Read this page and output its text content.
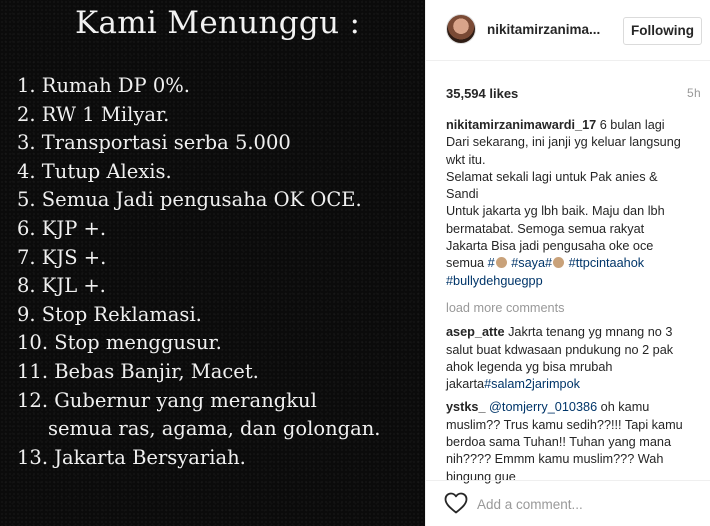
Kami Menunggu :
1. Rumah DP 0%.
2. RW 1 Milyar.
3. Transportasi serba 5.000
4. Tutup Alexis.
5. Semua Jadi pengusaha OK OCE.
6. KJP +.
7. KJS +.
8. KJL +.
9. Stop Reklamasi.
10. Stop menggusur.
11. Bebas Banjir, Macet.
12. Gubernur yang merangkul
semua ras, agama, dan golongan.
13. Jakarta Bersyariah.
nikitamirzanima...	Following
35,594 likes	5h
nikitamirzanimawardi_17 6 bulan lagi
Dari sekarang, ini janji yg keluar langsung
wkt itu.
Selamat sekali lagi untuk Pak anies &
Sandi
Untuk jakarta yg lbh baik. Maju dan lbh
bermatabat. Semoga semua rakyat
Jakarta Bisa jadi pengusaha oke oce
semua # #saya# #ttpcintaahok
#bullydehguegpp
load more comments
asep_atte Jakrta tenang yg mnang no 3
salut buat kdwasaan pndukung no 2 pak
ahok legenda yg bisa mrubah
jakarta#salam2jarimpok
ystks_ @tomjerry_010386 oh kamu
muslim?? Trus kamu sedih??!!! Tapi kamu
berdoa sama Tuhan!! Tuhan yang mana
nih???? Emmm kamu muslim??? Wah
bingung gue
Add a comment...
